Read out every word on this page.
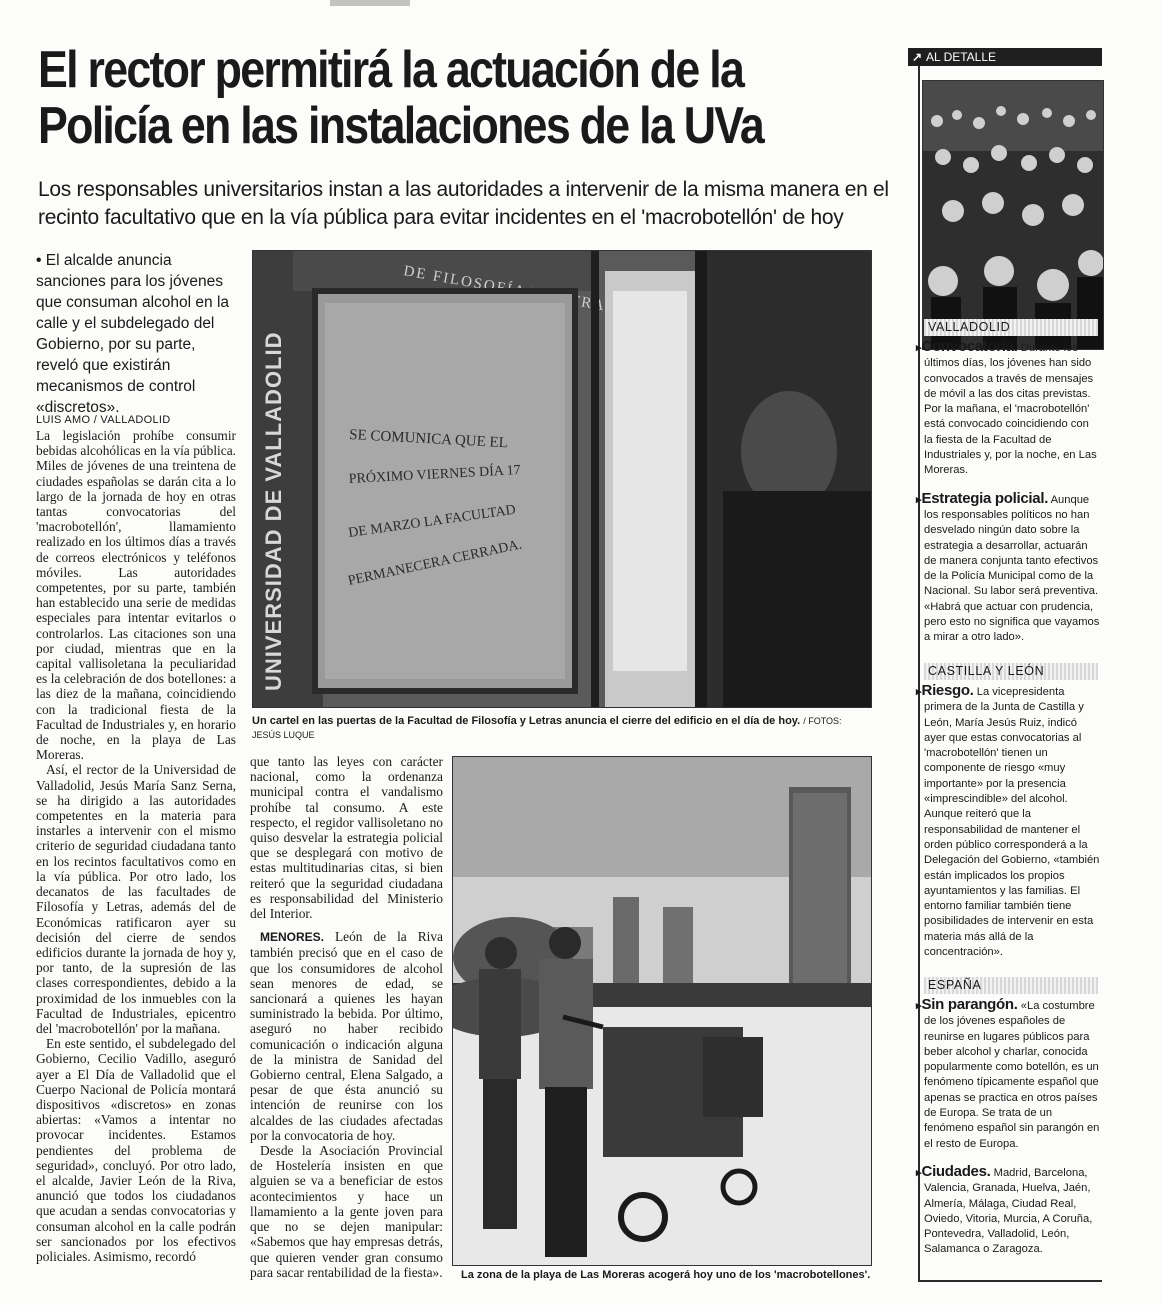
El rector permitirá la actuación de la
Policía en las instalaciones de la UVa

Los responsables universitarios instan a las autoridades a intervenir de la misma manera en el recinto facultativo que en la vía pública para evitar incidentes en el 'macrobotellón' de hoy

• El alcalde anuncia sanciones para los jóvenes que consuman alcohol en la calle y el subdelegado del Gobierno, por su parte, reveló que existirán mecanismos de control «discretos».
LUIS AMO / VALLADOLID

La legislación prohíbe consumir bebidas alcohólicas en la vía pública. Miles de jóvenes de una treintena de ciudades españolas se darán cita a lo largo de la jornada de hoy en otras tantas convocatorias del 'macrobotellón', llamamiento realizado en los últimos días a través de correos electrónicos y teléfonos móviles. Las autoridades competentes, por su parte, también han establecido una serie de medidas especiales para intentar evitarlos o controlarlos. Las citaciones son una por ciudad, mientras que en la capital vallisoletana la peculiaridad es la celebración de dos botellones: a las diez de la mañana, coincidiendo con la tradicional fiesta de la Facultad de Industriales y, en horario de noche, en la playa de Las Moreras.

Así, el rector de la Universidad de Valladolid, Jesús María Sanz Serna, se ha dirigido a las autoridades competentes en la materia para instarles a intervenir con el mismo criterio de seguridad ciudadana tanto en los recintos facultativos como en la vía pública. Por otro lado, los decanatos de las facultades de Filosofía y Letras, además del de Económicas ratificaron ayer su decisión del cierre de sendos edificios durante la jornada de hoy y, por tanto, de la supresión de las clases correspondientes, debido a la proximidad de los inmuebles con la Facultad de Industriales, epicentro del 'macrobotellón' por la mañana.

En este sentido, el subdelegado del Gobierno, Cecilio Vadillo, aseguró ayer a El Día de Valladolid que el Cuerpo Nacional de Policía montará dispositivos «discretos» en zonas abiertas: «Vamos a intentar no provocar incidentes. Estamos pendientes del problema de seguridad», concluyó. Por otro lado, el alcalde, Javier León de la Riva, anunció que todos los ciudadanos que acudan a sendas convocatorias y consuman alcohol en la calle podrán ser sancionados por los efectivos policiales. Asimismo, recordó

que tanto las leyes con carácter nacional, como la ordenanza municipal contra el vandalismo prohíbe tal consumo. A este respecto, el regidor vallisoletano no quiso desvelar la estrategia policial que se desplegará con motivo de estas multitudinarias citas, si bien reiteró que la seguridad ciudadana es responsabilidad del Ministerio del Interior.

MENORES. León de la Riva también precisó que en el caso de que los consumidores de alcohol sean menores de edad, se sancionará a quienes les hayan suministrado la bebida. Por último, aseguró no haber recibido comunicación o indicación alguna de la ministra de Sanidad del Gobierno central, Elena Salgado, a pesar de que ésta anunció su intención de reunirse con los alcaldes de las ciudades afectadas por la convocatoria de hoy.

Desde la Asociación Provincial de Hostelería insisten en que alguien se va a beneficiar de estos acontecimientos y hace un llamamiento a la gente joven para que no se dejen manipular: «Sabemos que hay empresas detrás, que quieren vender gran consumo para sacar rentabilidad de la fiesta».

DE FILOSOFÍA LETRAS
UNIVERSIDAD DE VALLADOLID	SE COMUNICA QUE EL
PRÓXIMO VIERNES DÍA 17
DE MARZO LA FACULTAD
PERMANECERA CERRADA.
Un cartel en las puertas de la Facultad de Filosofía y Letras anuncia el cierre del edificio en el día de hoy. / FOTOS: JESÚS LUQUE
La zona de la playa de Las Moreras acogerá hoy uno de los 'macrobotellones'.
↗ AL DETALLE
VALLADOLID
▸Convocatoria. Durante los últimos días, los jóvenes han sido convocados a través de mensajes de móvil a las dos citas previstas. Por la mañana, el 'macrobotellón' está convocado coincidiendo con la fiesta de la Facultad de Industriales y, por la noche, en Las Moreras.
▸Estrategia policial. Aunque los responsables políticos no han desvelado ningún dato sobre la estrategia a desarrollar, actuarán de manera conjunta tanto efectivos de la Policía Municipal como de la Nacional. Su labor será preventiva. «Habrá que actuar con prudencia, pero esto no significa que vayamos a mirar a otro lado».
CASTILLA Y LEÓN
▸Riesgo. La vicepresidenta primera de la Junta de Castilla y León, María Jesús Ruiz, indicó ayer que estas convocatorias al 'macrobotellón' tienen un componente de riesgo «muy importante» por la presencia «imprescindible» del alcohol. Aunque reiteró que la responsabilidad de mantener el orden público corresponderá a la Delegación del Gobierno, «también están implicados los propios ayuntamientos y las familias. El entorno familiar también tiene posibilidades de intervenir en esta materia más allá de la concentración».
ESPAÑA
▸Sin parangón. «La costumbre de los jóvenes españoles de reunirse en lugares públicos para beber alcohol y charlar, conocida popularmente como botellón, es un fenómeno típicamente español que apenas se practica en otros países de Europa. Se trata de un fenómeno español sin parangón en el resto de Europa.
▸Ciudades. Madrid, Barcelona, Valencia, Granada, Huelva, Jaén, Almería, Málaga, Ciudad Real, Oviedo, Vitoria, Murcia, A Coruña, Pontevedra, Valladolid, León, Salamanca o Zaragoza.
